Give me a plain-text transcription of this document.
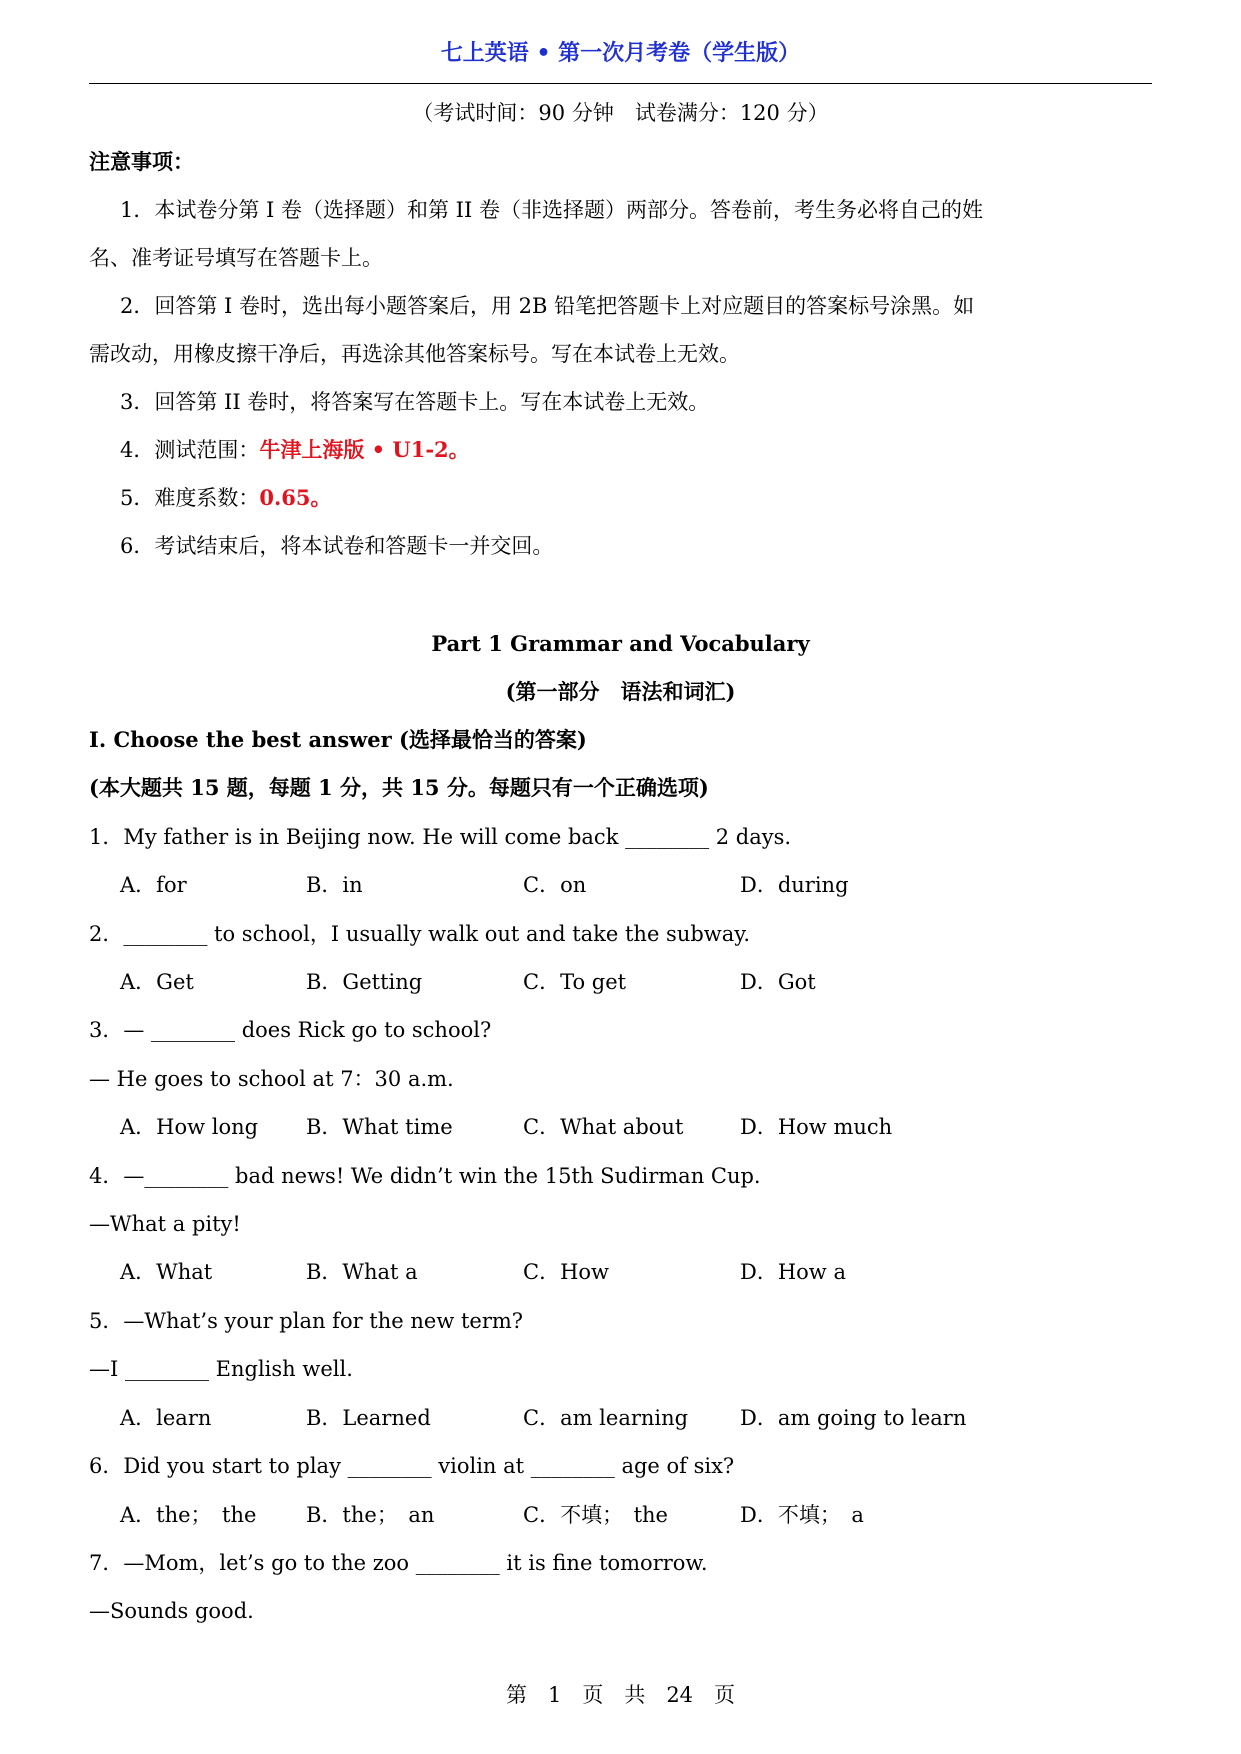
七上英语 • 第一次月考卷（学生版）
（考试时间：90 分钟　试卷满分：120 分）
注意事项：
1．本试卷分第 I 卷（选择题）和第 II 卷（非选择题）两部分。答卷前，考生务必将自己的姓
名、准考证号填写在答题卡上。
2．回答第 I 卷时，选出每小题答案后，用 2B 铅笔把答题卡上对应题目的答案标号涂黑。如
需改动，用橡皮擦干净后，再选涂其他答案标号。写在本试卷上无效。
3．回答第 II 卷时，将答案写在答题卡上。写在本试卷上无效。
4．测试范围：牛津上海版 • U1-2。
5．难度系数：0.65。
6．考试结束后，将本试卷和答题卡一并交回。
Part 1 Grammar and Vocabulary
(第一部分　语法和词汇)
I. Choose the best answer (选择最恰当的答案)
(本大题共 15 题，每题 1 分，共 15 分。每题只有一个正确选项)
1．My father is in Beijing now. He will come back ________ 2 days.
A．for	B．in	C．on	D．during
2．________ to school，I usually walk out and take the subway.
A．Get	B．Getting	C．To get	D．Got
3．— ________ does Rick go to school?
— He goes to school at 7：30 a.m.
A．How long B．What time	C．What about	D．How much
4．—________ bad news! We didn’t win the 15th Sudirman Cup.
—What a pity!
A．What	B．What a	C．How	D．How a
5．—What’s your plan for the new term?
—I ________ English well.
A．learn	B．Learned	C．am learning D．am going to learn
6．Did you start to play ________ violin at ________ age of six?
A．the；　the B．the；　an	C．不填；　the	D．不填；　a
7．—Mom，let’s go to the zoo ________ it is fine tomorrow.
—Sounds good.
第　1　页　共　24　页
